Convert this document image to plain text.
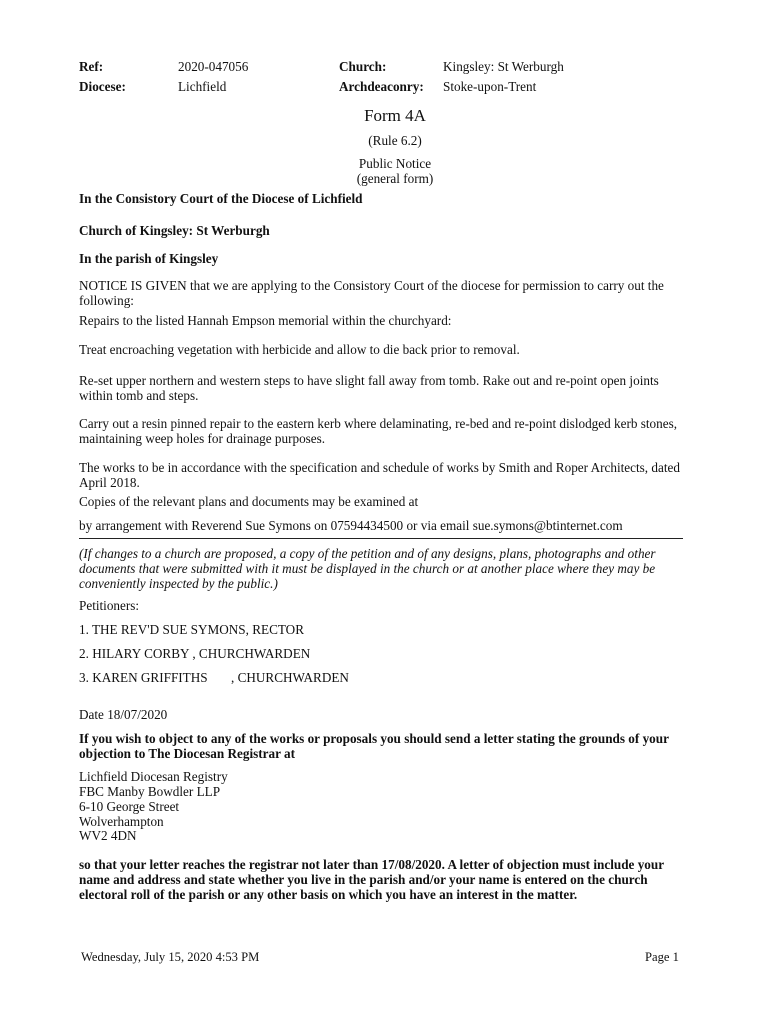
Ref:	2020-047056	Church:	Kingsley: St Werburgh
Diocese:	Lichfield	Archdeaconry: Stoke-upon-Trent
Form 4A
(Rule 6.2)
Public Notice
(general form)
In the Consistory Court of the Diocese of Lichfield
Church of Kingsley: St Werburgh
In the parish of Kingsley
NOTICE IS GIVEN that we are applying to the Consistory Court of the diocese for permission to carry out the following:
Repairs to the listed Hannah Empson memorial within the churchyard:
Treat encroaching vegetation with herbicide and allow to die back prior to removal.
Re-set upper northern and western steps to have slight fall away from tomb. Rake out and re-point open joints within tomb and steps.
Carry out a resin pinned repair to the eastern kerb where delaminating, re-bed and re-point dislodged kerb stones, maintaining weep holes for drainage purposes.
The works to be in accordance with the specification and schedule of works by Smith and Roper Architects, dated April 2018.
Copies of the relevant plans and documents may be examined at
by arrangement with Reverend Sue Symons on 07594434500 or via email sue.symons@btinternet.com
(If changes to a church are proposed, a copy of the petition and of any designs, plans, photographs and other documents that were submitted with it must be displayed in the church or at another place where they may be conveniently inspected by the public.)
Petitioners:
1. THE REV'D SUE SYMONS, RECTOR
2. HILARY CORBY , CHURCHWARDEN
3. KAREN GRIFFITHS , CHURCHWARDEN
Date 18/07/2020
If you wish to object to any of the works or proposals you should send a letter stating the grounds of your objection to The Diocesan Registrar at
Lichfield Diocesan Registry
FBC Manby Bowdler LLP
6-10 George Street
Wolverhampton
WV2 4DN
so that your letter reaches the registrar not later than 17/08/2020. A letter of objection must include your name and address and state whether you live in the parish and/or your name is entered on the church electoral roll of the parish or any other basis on which you have an interest in the matter.
Wednesday, July 15, 2020 4:53 PM	Page 1
